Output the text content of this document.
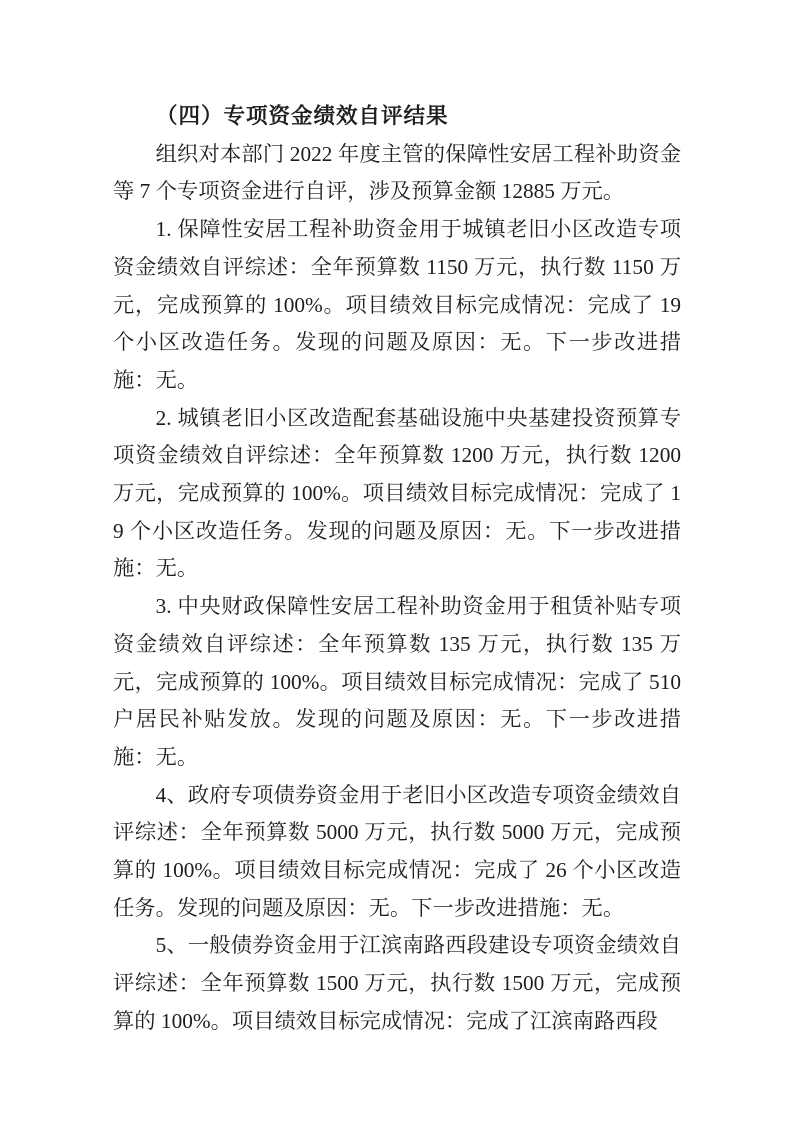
（四）专项资金绩效自评结果

组织对本部门 2022 年度主管的保障性安居工程补助资金等 7 个专项资金进行自评，涉及预算金额 12885 万元。

1. 保障性安居工程补助资金用于城镇老旧小区改造专项资金绩效自评综述：全年预算数 1150 万元，执行数 1150 万元，完成预算的 100%。项目绩效目标完成情况：完成了 19 个小区改造任务。发现的问题及原因：无。下一步改进措施：无。

2. 城镇老旧小区改造配套基础设施中央基建投资预算专项资金绩效自评综述：全年预算数 1200 万元，执行数 1200 万元，完成预算的 100%。项目绩效目标完成情况：完成了 19 个小区改造任务。发现的问题及原因：无。下一步改进措施：无。

3. 中央财政保障性安居工程补助资金用于租赁补贴专项资金绩效自评综述：全年预算数 135 万元，执行数 135 万元，完成预算的 100%。项目绩效目标完成情况：完成了 510 户居民补贴发放。发现的问题及原因：无。下一步改进措施：无。

4、政府专项债券资金用于老旧小区改造专项资金绩效自评综述：全年预算数 5000 万元，执行数 5000 万元，完成预算的 100%。项目绩效目标完成情况：完成了 26 个小区改造任务。发现的问题及原因：无。下一步改进措施：无。

5、一般债券资金用于江滨南路西段建设专项资金绩效自评综述：全年预算数 1500 万元，执行数 1500 万元，完成预算的 100%。项目绩效目标完成情况：完成了江滨南路西段
